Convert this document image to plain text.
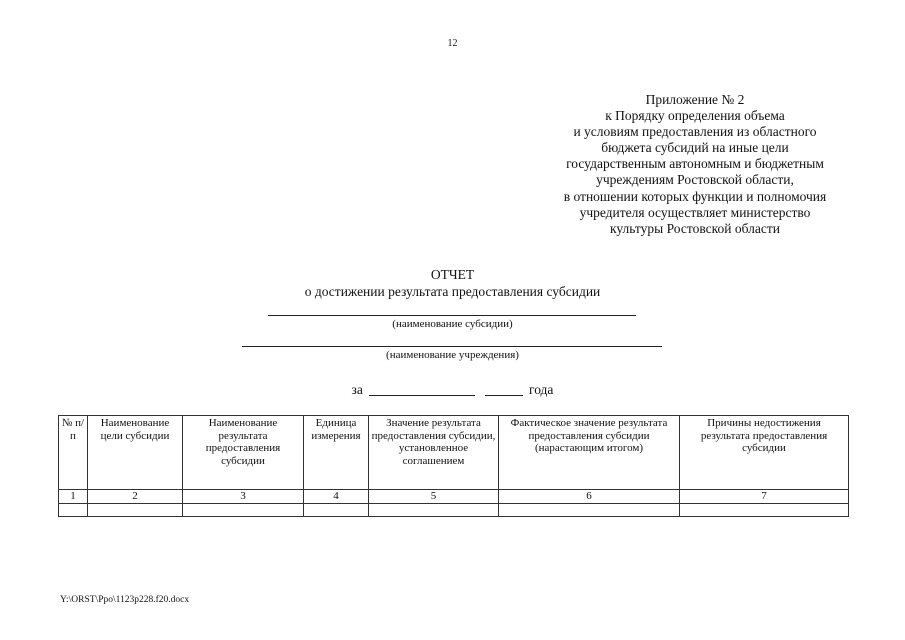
12
Приложение № 2
к Порядку определения объема
и условиям предоставления из областного
бюджета субсидий на иные цели
государственным автономным и бюджетным
учреждениям Ростовской области,
в отношении которых функции и полномочия
учредителя осуществляет министерство
культуры Ростовской области
ОТЧЕТ
о достижении результата предоставления субсидии
(наименование субсидии)
(наименование учреждения)
за	года
№ п/п	Наименование цели субсидии	Наименование результата предоставления субсидии	Единица измерения	Значение результата предоставления субсидии, установленное соглашением	Фактическое значение результата предоставления субсидии (нарастающим итогом)	Причины недостижения результата предоставления субсидии
1	2	3	4	5	6	7

Y:\ORST\Ppo\1123p228.f20.docx
